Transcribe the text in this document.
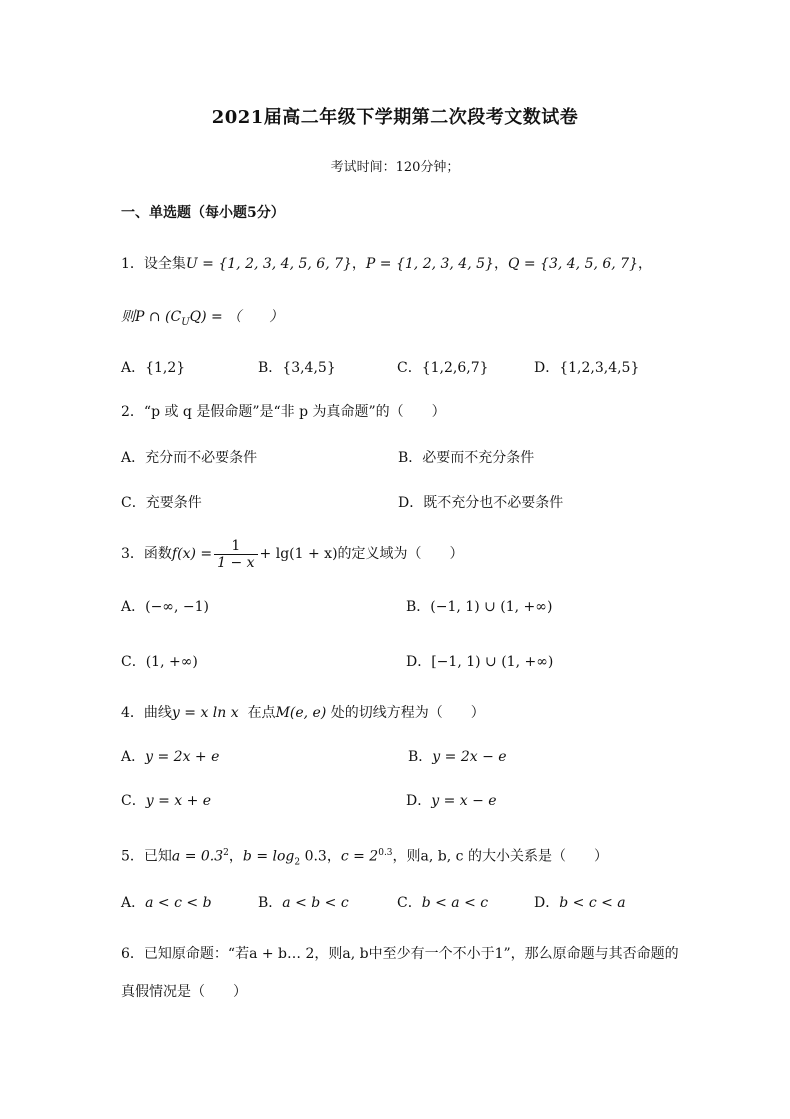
2021届高二年级下学期第二次段考文数试卷
考试时间：120分钟；
一、单选题（每小题5分）
1．设全集U = {1, 2, 3, 4, 5, 6, 7}，P = {1, 2, 3, 4, 5}，Q = {3, 4, 5, 6, 7}，
则P ∩ $(C_UQ)$ = （　　）
A．{1,2}	B．{3,4,5}	C．{1,2,6,7}	D．{1,2,3,4,5}
2．“p 或 q 是假命题”是“非 p 为真命题”的（　　）
A．充分而不必要条件	B．必要而不充分条件
C．充要条件	D．既不充分也不必要条件
3．函数$f(x) = \frac{1}{1 - x} + \lg(1 + x)$的定义域为（　　）
A．(−∞, −1)	B．(−1, 1) ∪ (1, +∞)
C．(1, +∞)	D．[−1, 1) ∪ (1, +∞)
4．曲线y = x ln x 在点M(e, e) 处的切线方程为（　　）
A．y = 2x + e	B．y = 2x − e
C．y = x + e	D．y = x − e
5．已知$a = 0.3^2$，$b = \log_2 0.3$，$c = 2^{0.3}$，则a, b, c 的大小关系是（　　）
A．a < c < b	B．a < b < c	C．b < a < c	D．b < c < a
6．已知原命题：“若a + b… 2，则a, b中至少有一个不小于1”，那么原命题与其否命题的
真假情况是（　　）
